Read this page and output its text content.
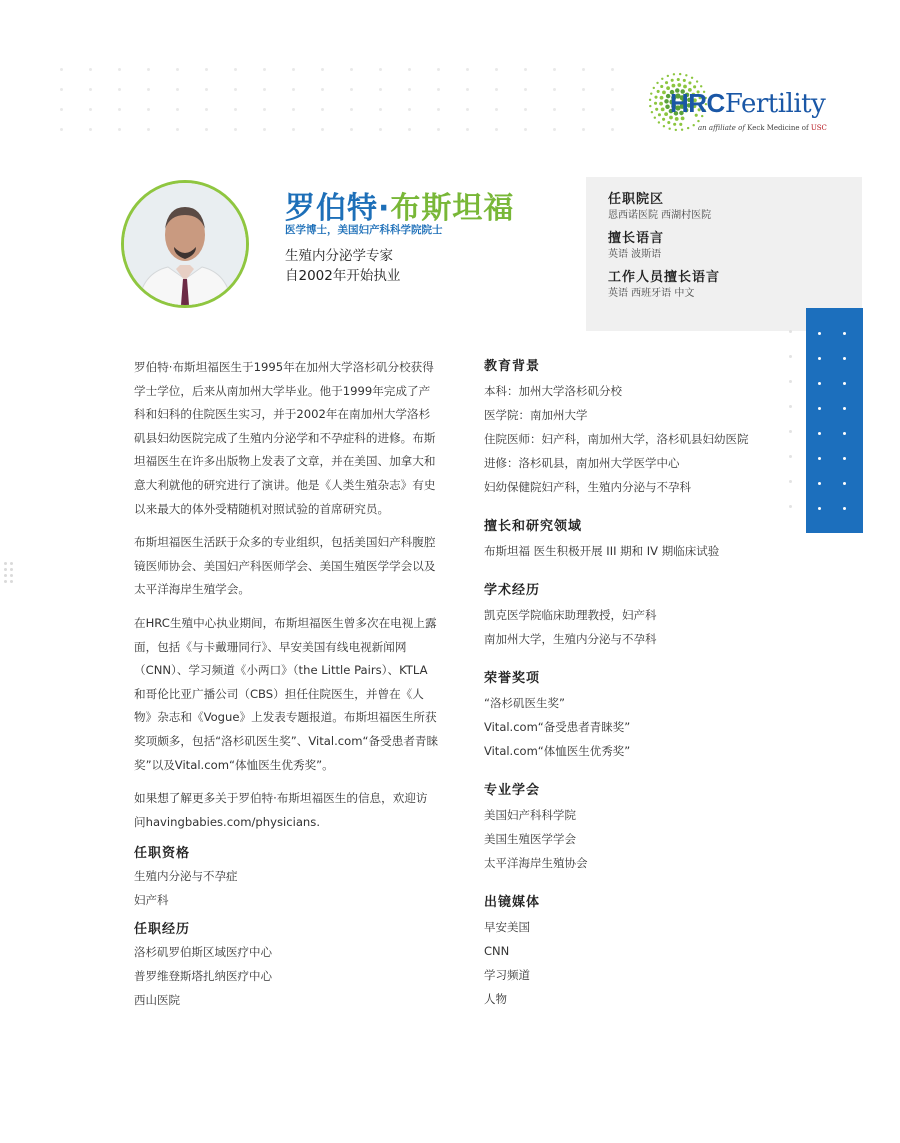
HRCFertility
an affiliate of Keck Medicine of USC
罗伯特·布斯坦福
医学博士，美国妇产科科学院院士
生殖内分泌学专家
自2002年开始执业
任职院区
恩西诺医院 西湖村医院
擅长语言
英语 波斯语
工作人员擅长语言
英语 西班牙语 中文

罗伯特·布斯坦福医生于1995年在加州大学洛杉矶分校获得学士学位，后来从南加州大学毕业。他于1999年完成了产科和妇科的住院医生实习，并于2002年在南加州大学洛杉矶县妇幼医院完成了生殖内分泌学和不孕症科的进修。布斯坦福医生在许多出版物上发表了文章，并在美国、加拿大和意大利就他的研究进行了演讲。他是《人类生殖杂志》有史以来最大的体外受精随机对照试验的首席研究员。

布斯坦福医生活跃于众多的专业组织，包括美国妇产科腹腔镜医师协会、美国妇产科医师学会、美国生殖医学学会以及太平洋海岸生殖学会。

在HRC生殖中心执业期间，布斯坦福医生曾多次在电视上露面，包括《与卡戴珊同行》、早安美国有线电视新闻网（CNN）、学习频道《小两口》（the Little Pairs）、KTLA和哥伦比亚广播公司（CBS）担任住院医生，并曾在《人物》杂志和《Vogue》上发表专题报道。布斯坦福医生所获奖项颇多，包括“洛杉矶医生奖”、Vital.com“备受患者青睐奖”以及Vital.com“体恤医生优秀奖”。

如果想了解更多关于罗伯特·布斯坦福医生的信息，欢迎访问havingbabies.com/physicians.

任职资格
生殖内分泌与不孕症
妇产科
任职经历
洛杉矶罗伯斯区域医疗中心
普罗维登斯塔扎纳医疗中心
西山医院
教育背景
本科：加州大学洛杉矶分校
医学院：南加州大学
住院医师：妇产科，南加州大学，洛杉矶县妇幼医院
进修：洛杉矶县，南加州大学医学中心
妇幼保健院妇产科，生殖内分泌与不孕科
擅长和研究领域
布斯坦福 医生积极开展 III 期和 IV 期临床试验
学术经历
凯克医学院临床助理教授，妇产科
南加州大学，生殖内分泌与不孕科
荣誉奖项
“洛杉矶医生奖”
Vital.com“备受患者青睐奖”
Vital.com“体恤医生优秀奖”
专业学会
美国妇产科科学院
美国生殖医学学会
太平洋海岸生殖协会
出镜媒体
早安美国
CNN
学习频道
人物
